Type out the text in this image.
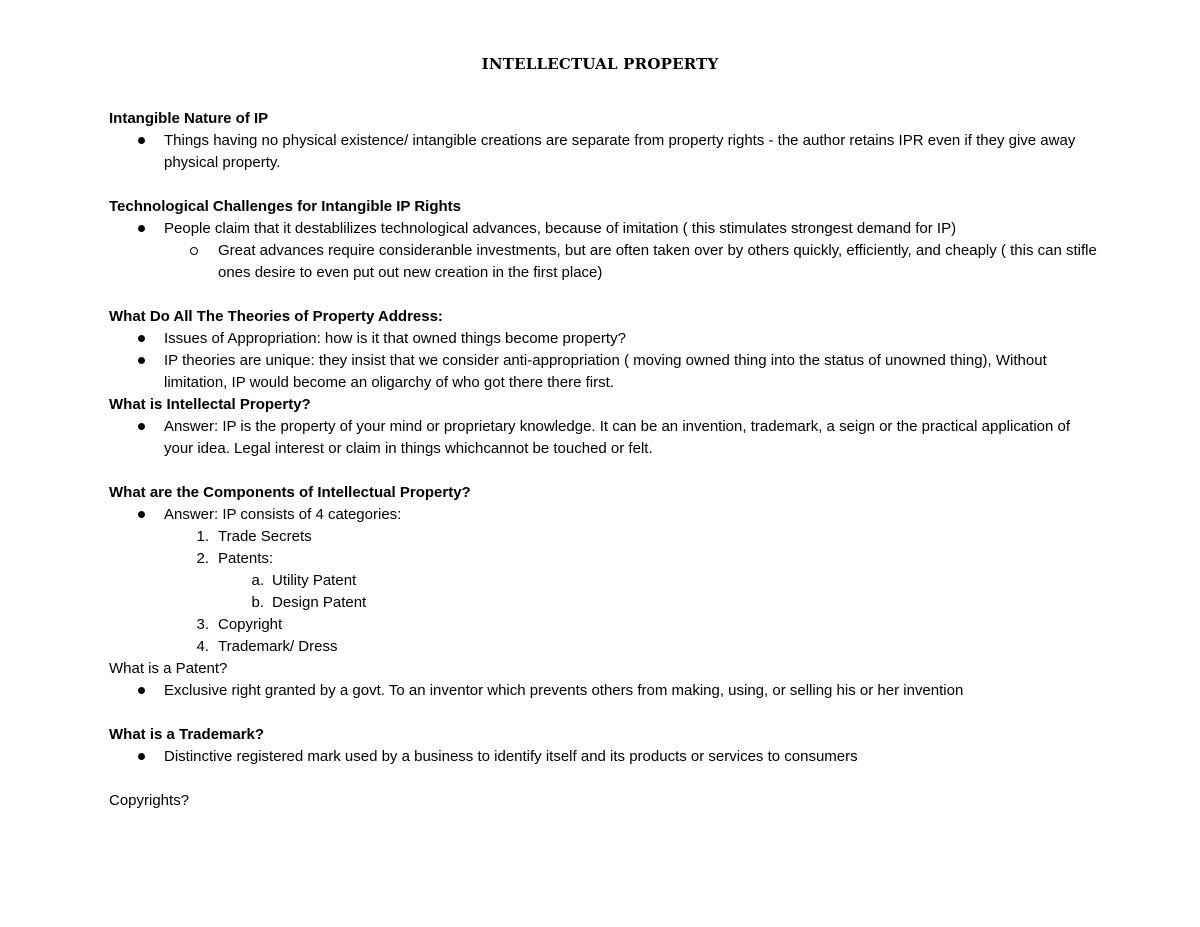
INTELLECTUAL PROPERTY
Intangible Nature of IP
Things having no physical existence/ intangible creations are separate from property rights - the author retains IPR even if they give away physical property.
Technological Challenges for Intangible IP Rights
People claim that it destablilizes technological advances, because of imitation ( this stimulates strongest demand for IP)
Great advances require consideranble investments, but are often taken over by others quickly, efficiently, and cheaply ( this can stifle ones desire to even put out new creation in the first place)
What Do All The Theories of Property Address:
Issues of Appropriation: how is it that owned things become property?
IP theories are unique: they insist that we consider anti-appropriation ( moving owned thing into the status of unowned thing), Without limitation, IP would become an oligarchy of who got there there first.
What is Intellectal Property?
Answer: IP is the property of your mind or proprietary knowledge. It can be an invention, trademark, a seign or the practical application of your idea. Legal interest or claim in things whichcannot be touched or felt.
What are the Components of Intellectual Property?
Answer: IP consists of 4 categories:
1. Trade Secrets
2. Patents:
a. Utility Patent
b. Design Patent
3. Copyright
4. Trademark/ Dress
What is a Patent?
Exclusive right granted by a govt. To an inventor which prevents others from making, using, or selling his or her invention
What is a Trademark?
Distinctive registered mark used by a business to identify itself and its products or services to consumers
Copyrights?
